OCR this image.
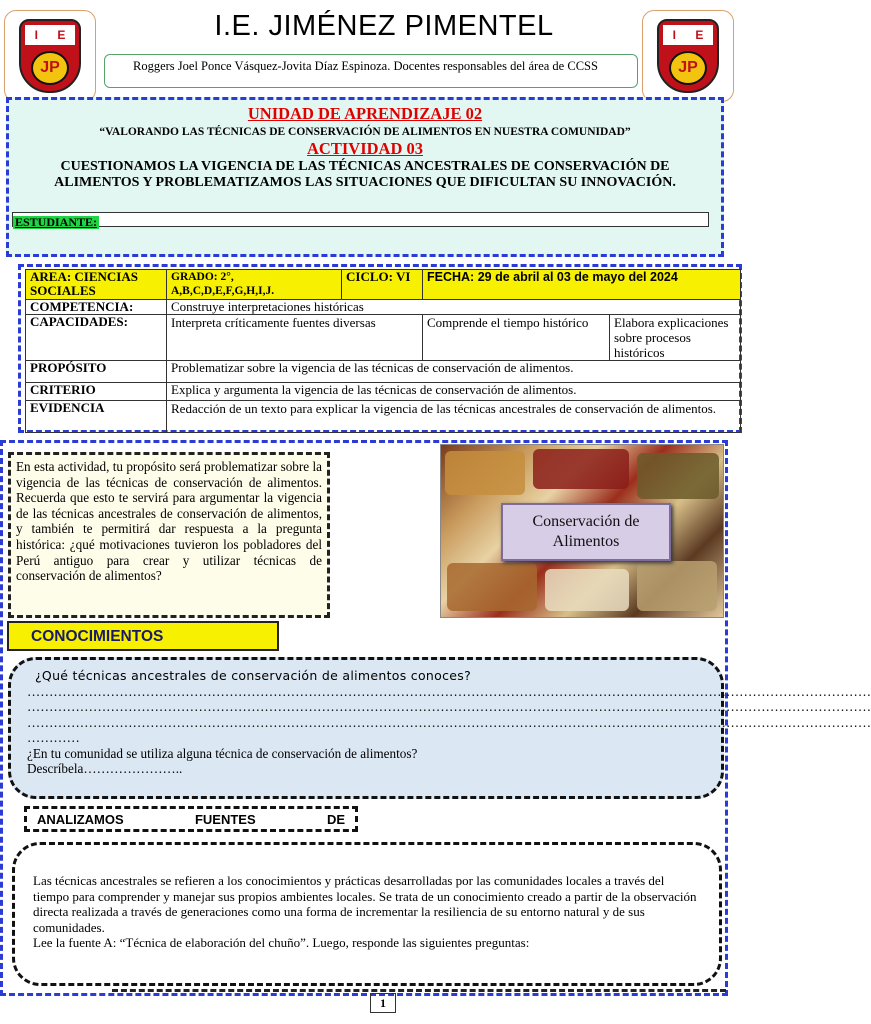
I E
JP
I E
JP
I.E. JIMÉNEZ PIMENTEL
Roggers Joel Ponce Vásquez-Jovita Díaz Espinoza. Docentes responsables del área de CCSS
UNIDAD DE APRENDIZAJE 02
“VALORANDO LAS TÉCNICAS DE CONSERVACIÓN DE ALIMENTOS EN NUESTRA COMUNIDAD”
ACTIVIDAD 03
CUESTIONAMOS LA VIGENCIA DE LAS TÉCNICAS ANCESTRALES DE CONSERVACIÓN DE ALIMENTOS Y PROBLEMATIZAMOS LAS SITUACIONES QUE DIFICULTAN SU INNOVACIÓN.
ESTUDIANTE:
AREA: CIENCIAS SOCIALES	GRADO: 2°, A,B,C,D,E,F,G,H,I,J.	CICLO: VI	FECHA: 29 de abril al 03 de mayo del 2024	
COMPETENCIA:	Construye interpretaciones históricas			
CAPACIDADES:	Interpreta críticamente fuentes diversas		Comprende el tiempo histórico	Elabora explicaciones sobre procesos históricos
PROPÓSITO	Problematizar sobre la vigencia de las técnicas de conservación de alimentos.			
CRITERIO	Explica y argumenta la vigencia de las técnicas de conservación de alimentos.			
EVIDENCIA	Redacción de un texto para explicar la vigencia de las técnicas ancestrales de conservación de alimentos.			
En esta actividad, tu propósito será problematizar sobre la vigencia de las técnicas de conservación de alimentos. Recuerda que esto te servirá para argumentar la vigencia de las técnicas ancestrales de conservación de alimentos, y también te permitirá dar respuesta a la pregunta histórica: ¿qué motivaciones tuvieron los pobladores del Perú antiguo para crear y utilizar técnicas de conservación de alimentos?
Conservación de Alimentos
CONOCIMIENTOS
¿Qué técnicas ancestrales de conservación de alimentos conoces?
…………………………………………………………………………………………………………………………………………………………………………
…………………………………………………………………………………………………………………………………………………………………………
…………………………………………………………………………………………………………………………………………………………………………
…………
¿En tu comunidad se utiliza alguna técnica de conservación de alimentos?
Descríbela…………………..
ANALIZAMOS	FUENTES	DE
Las técnicas ancestrales se refieren a los conocimientos y prácticas desarrolladas por las comunidades locales a través del tiempo para comprender y manejar sus propios ambientes locales. Se trata de un conocimiento creado a partir de la observación directa realizada a través de generaciones como una forma de incrementar la resiliencia de su entorno natural y de sus comunidades.
Lee la fuente A: “Técnica de elaboración del chuño”. Luego, responde las siguientes preguntas:
1
